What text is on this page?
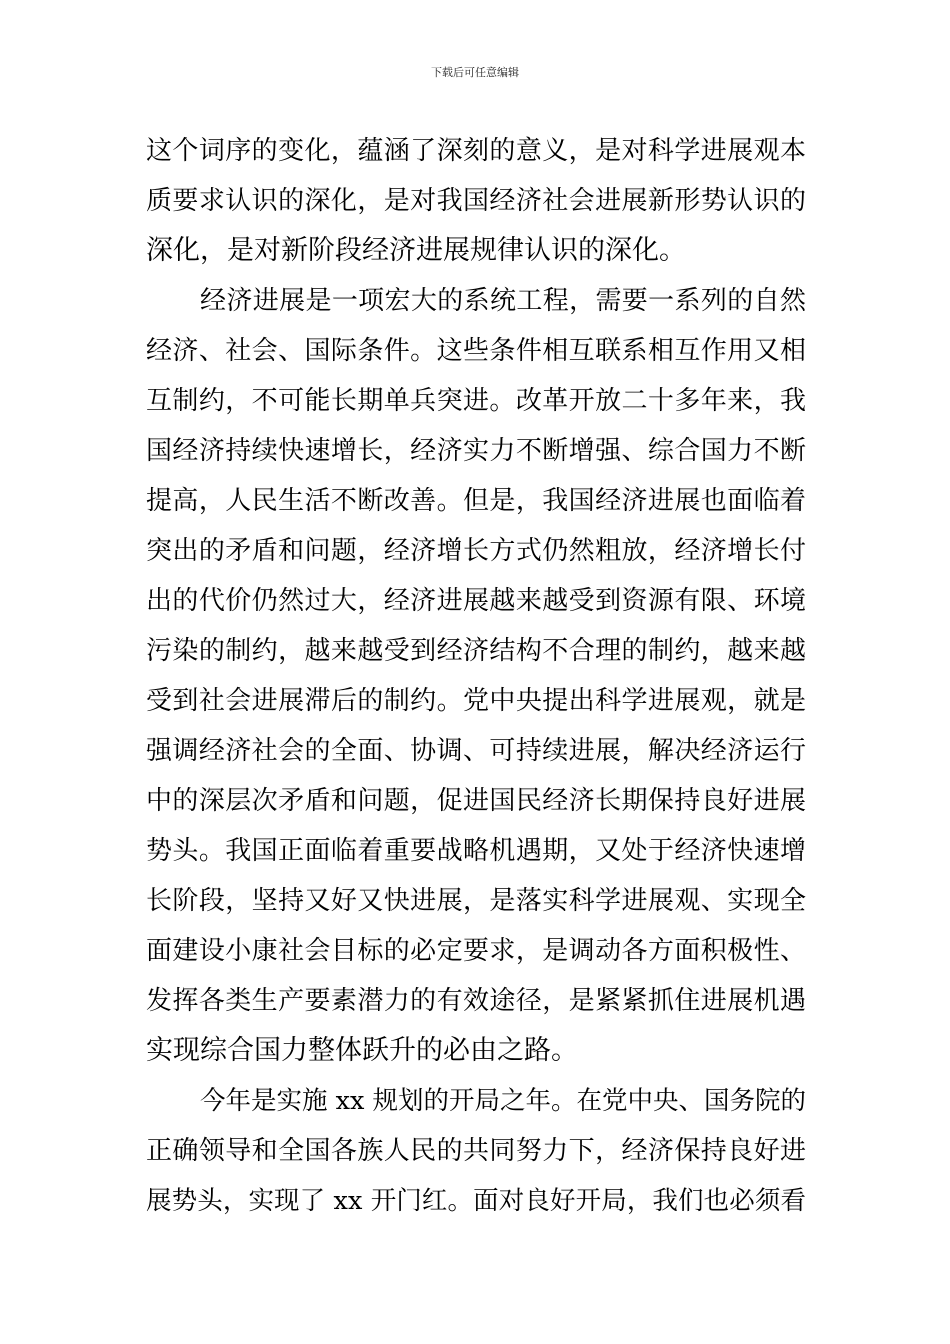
下载后可任意编辑
这个词序的变化，蕴涵了深刻的意义，是对科学进展观本
质要求认识的深化，是对我国经济社会进展新形势认识的
深化，是对新阶段经济进展规律认识的深化。
经济进展是一项宏大的系统工程，需要一系列的自然
经济、社会、国际条件。这些条件相互联系相互作用又相
互制约，不可能长期单兵突进。改革开放二十多年来，我
国经济持续快速增长，经济实力不断增强、综合国力不断
提高，人民生活不断改善。但是，我国经济进展也面临着
突出的矛盾和问题，经济增长方式仍然粗放，经济增长付
出的代价仍然过大，经济进展越来越受到资源有限、环境
污染的制约，越来越受到经济结构不合理的制约，越来越
受到社会进展滞后的制约。党中央提出科学进展观，就是
强调经济社会的全面、协调、可持续进展，解决经济运行
中的深层次矛盾和问题，促进国民经济长期保持良好进展
势头。我国正面临着重要战略机遇期，又处于经济快速增
长阶段，坚持又好又快进展，是落实科学进展观、实现全
面建设小康社会目标的必定要求，是调动各方面积极性、
发挥各类生产要素潜力的有效途径，是紧紧抓住进展机遇
实现综合国力整体跃升的必由之路。
今年是实施 xx 规划的开局之年。在党中央、国务院的
正确领导和全国各族人民的共同努力下，经济保持良好进
展势头，实现了 xx 开门红。面对良好开局，我们也必须看
